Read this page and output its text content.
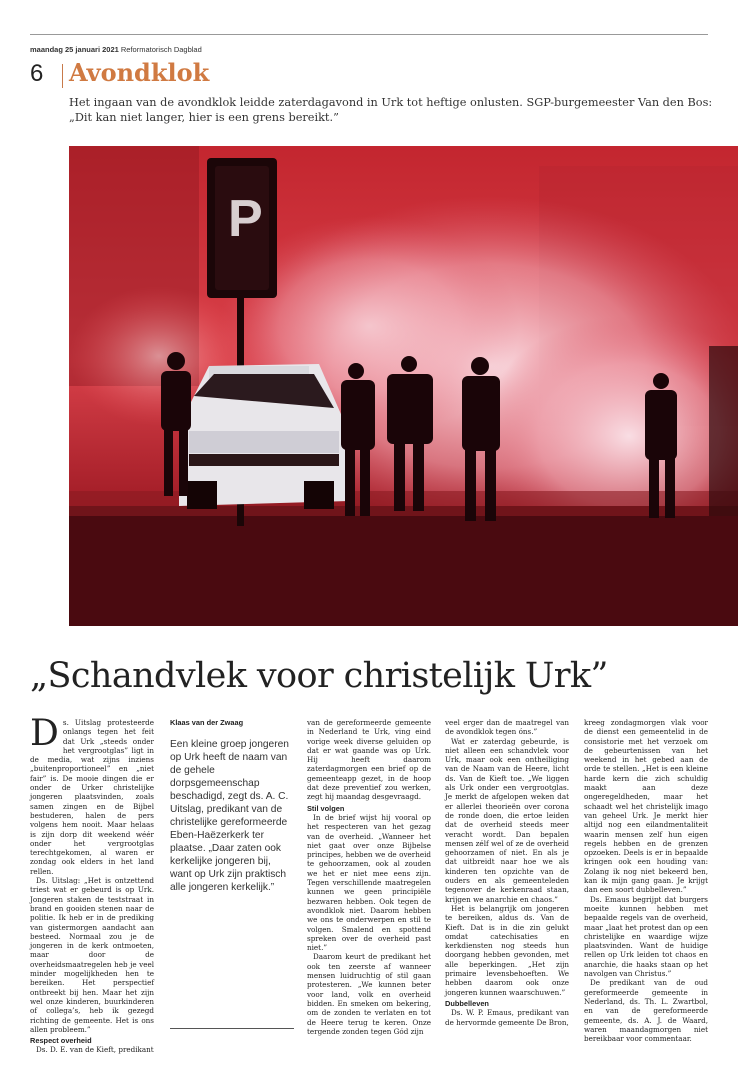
maandag 25 januari 2021 Reformatorisch Dagblad
6 Avondklok
Het ingaan van de avondklok leidde zaterdagavond in Urk tot heftige onlusten. SGP-burgemeester Van den Bos: „Dit kan niet langer, hier is een grens bereikt.”
P
„Schandvlek voor christelijk Urk”
D s. Uitslag protesteerde onlangs tegen het feit dat Urk „steeds onder het vergrootglas” ligt in de media, wat zijns inziens „buitenproportioneel” en „niet fair” is. De mooie dingen die er onder de Urker christelijke jongeren plaatsvinden, zoals samen zingen en de Bijbel bestuderen, halen de pers volgens hem nooit. Maar helaas is zijn dorp dit weekend wéér onder het vergrootglas terechtgekomen, al waren er zondag ook elders in het land rellen.

Ds. Uitslag: „Het is ontzettend triest wat er gebeurd is op Urk. Jongeren staken de teststraat in brand en gooiden stenen naar de politie. Ik heb er in de prediking van gistermorgen aandacht aan besteed. Normaal zou je de jongeren in de kerk ontmoeten, maar door de overheidsmaatregelen heb je veel minder mogelijkheden hen te bereiken. Het perspectief ontbreekt bij hen. Maar het zijn wel onze kinderen, buurkinderen of collega’s, heb ik gezegd richting de gemeente. Het is ons allen probleem.”

Respect overheid

Ds. D. E. van de Kieft, predikant

Klaas van der Zwaag
Een kleine groep jongeren op Urk heeft de naam van de gehele dorpsgemeenschap beschadigd, zegt ds. A. C. Uitslag, predikant van de christelijke gereformeerde Eben-Haëzerkerk ter plaatse. „Daar zaten ook kerkelijke jongeren bij, want op Urk zijn praktisch alle jongeren kerkelijk.”

van de gereformeerde gemeente in Nederland te Urk, ving eind vorige week diverse geluiden op dat er wat gaande was op Urk. Hij heeft daarom zaterdagmorgen een brief op de gemeenteapp gezet, in de hoop dat deze preventief zou werken, zegt hij maandag desgevraagd.

Stil volgen

In de brief wijst hij vooral op het respecteren van het gezag van de overheid. „Wanneer het niet gaat over onze Bijbelse principes, hebben we de overheid te gehoorzamen, ook al zouden we het er niet mee eens zijn. Tegen verschillende maatregelen kunnen we geen principiële bezwaren hebben. Ook tegen de avondklok niet. Daarom hebben we ons te onderwerpen en stil te volgen. Smalend en spottend spreken over de overheid past niet.”

Daarom keurt de predikant het ook ten zeerste af wanneer mensen luidruchtig of stil gaan protesteren. „We kunnen beter voor land, volk en overheid bidden. En smeken om bekering, om de zonden te verlaten en tot de Heere terug te keren. Onze tergende zonden tegen Gód zijn

veel erger dan de maatregel van de avondklok tegen óns.”

Wat er zaterdag gebeurde, is niet alleen een schandvlek voor Urk, maar ook een ontheiliging van de Naam van de Heere, licht ds. Van de Kieft toe. „We liggen als Urk onder een vergrootglas. Je merkt de afgelopen weken dat er allerlei theorieën over corona de ronde doen, die ertoe leiden dat de overheid steeds meer veracht wordt. Dan bepalen mensen zélf wel of ze de overheid gehoorzamen of niet. En als je dat uitbreidt naar hoe we als kinderen ten opzichte van de ouders en als gemeenteleden tegenover de kerkenraad staan, krijgen we anarchie en chaos.”

Het is belangrijk om jongeren te bereiken, aldus ds. Van de Kieft. Dat is in die zin gelukt omdat catechisaties en kerkdiensten nog steeds hun doorgang hebben gevonden, met alle beperkingen. „Het zijn primaire levensbehoeften. We hebben daarom ook onze jongeren kunnen waarschuwen.”

Dubbelleven

Ds. W. P. Emaus, predikant van de hervormde gemeente De Bron,

kreeg zondagmorgen vlak voor de dienst een gemeentelid in de consistorie met het verzoek om de gebeurtenissen van het weekend in het gebed aan de orde te stellen. „Het is een kleine harde kern die zich schuldig maakt aan deze ongeregeldheden, maar het schaadt wel het christelijk imago van geheel Urk. Je merkt hier altijd nog een eilandmentaliteit waarin mensen zelf hun eigen regels hebben en de grenzen opzoeken. Deels is er in bepaalde kringen ook een houding van: Zolang ik nog niet bekeerd ben, kan ik mijn gang gaan. Je krijgt dan een soort dubbelleven.”

Ds. Emaus begrijpt dat burgers moeite kunnen hebben met bepaalde regels van de overheid, maar „laat het protest dan op een christelijke en waardige wijze plaatsvinden. Want de huidige rellen op Urk leiden tot chaos en anarchie, die haaks staan op het navolgen van Christus.”

De predikant van de oud gereformeerde gemeente in Nederland, ds. Th. L. Zwartbol, en van de gereformeerde gemeente, ds. A. J. de Waard, waren maandagmorgen niet bereikbaar voor commentaar.
